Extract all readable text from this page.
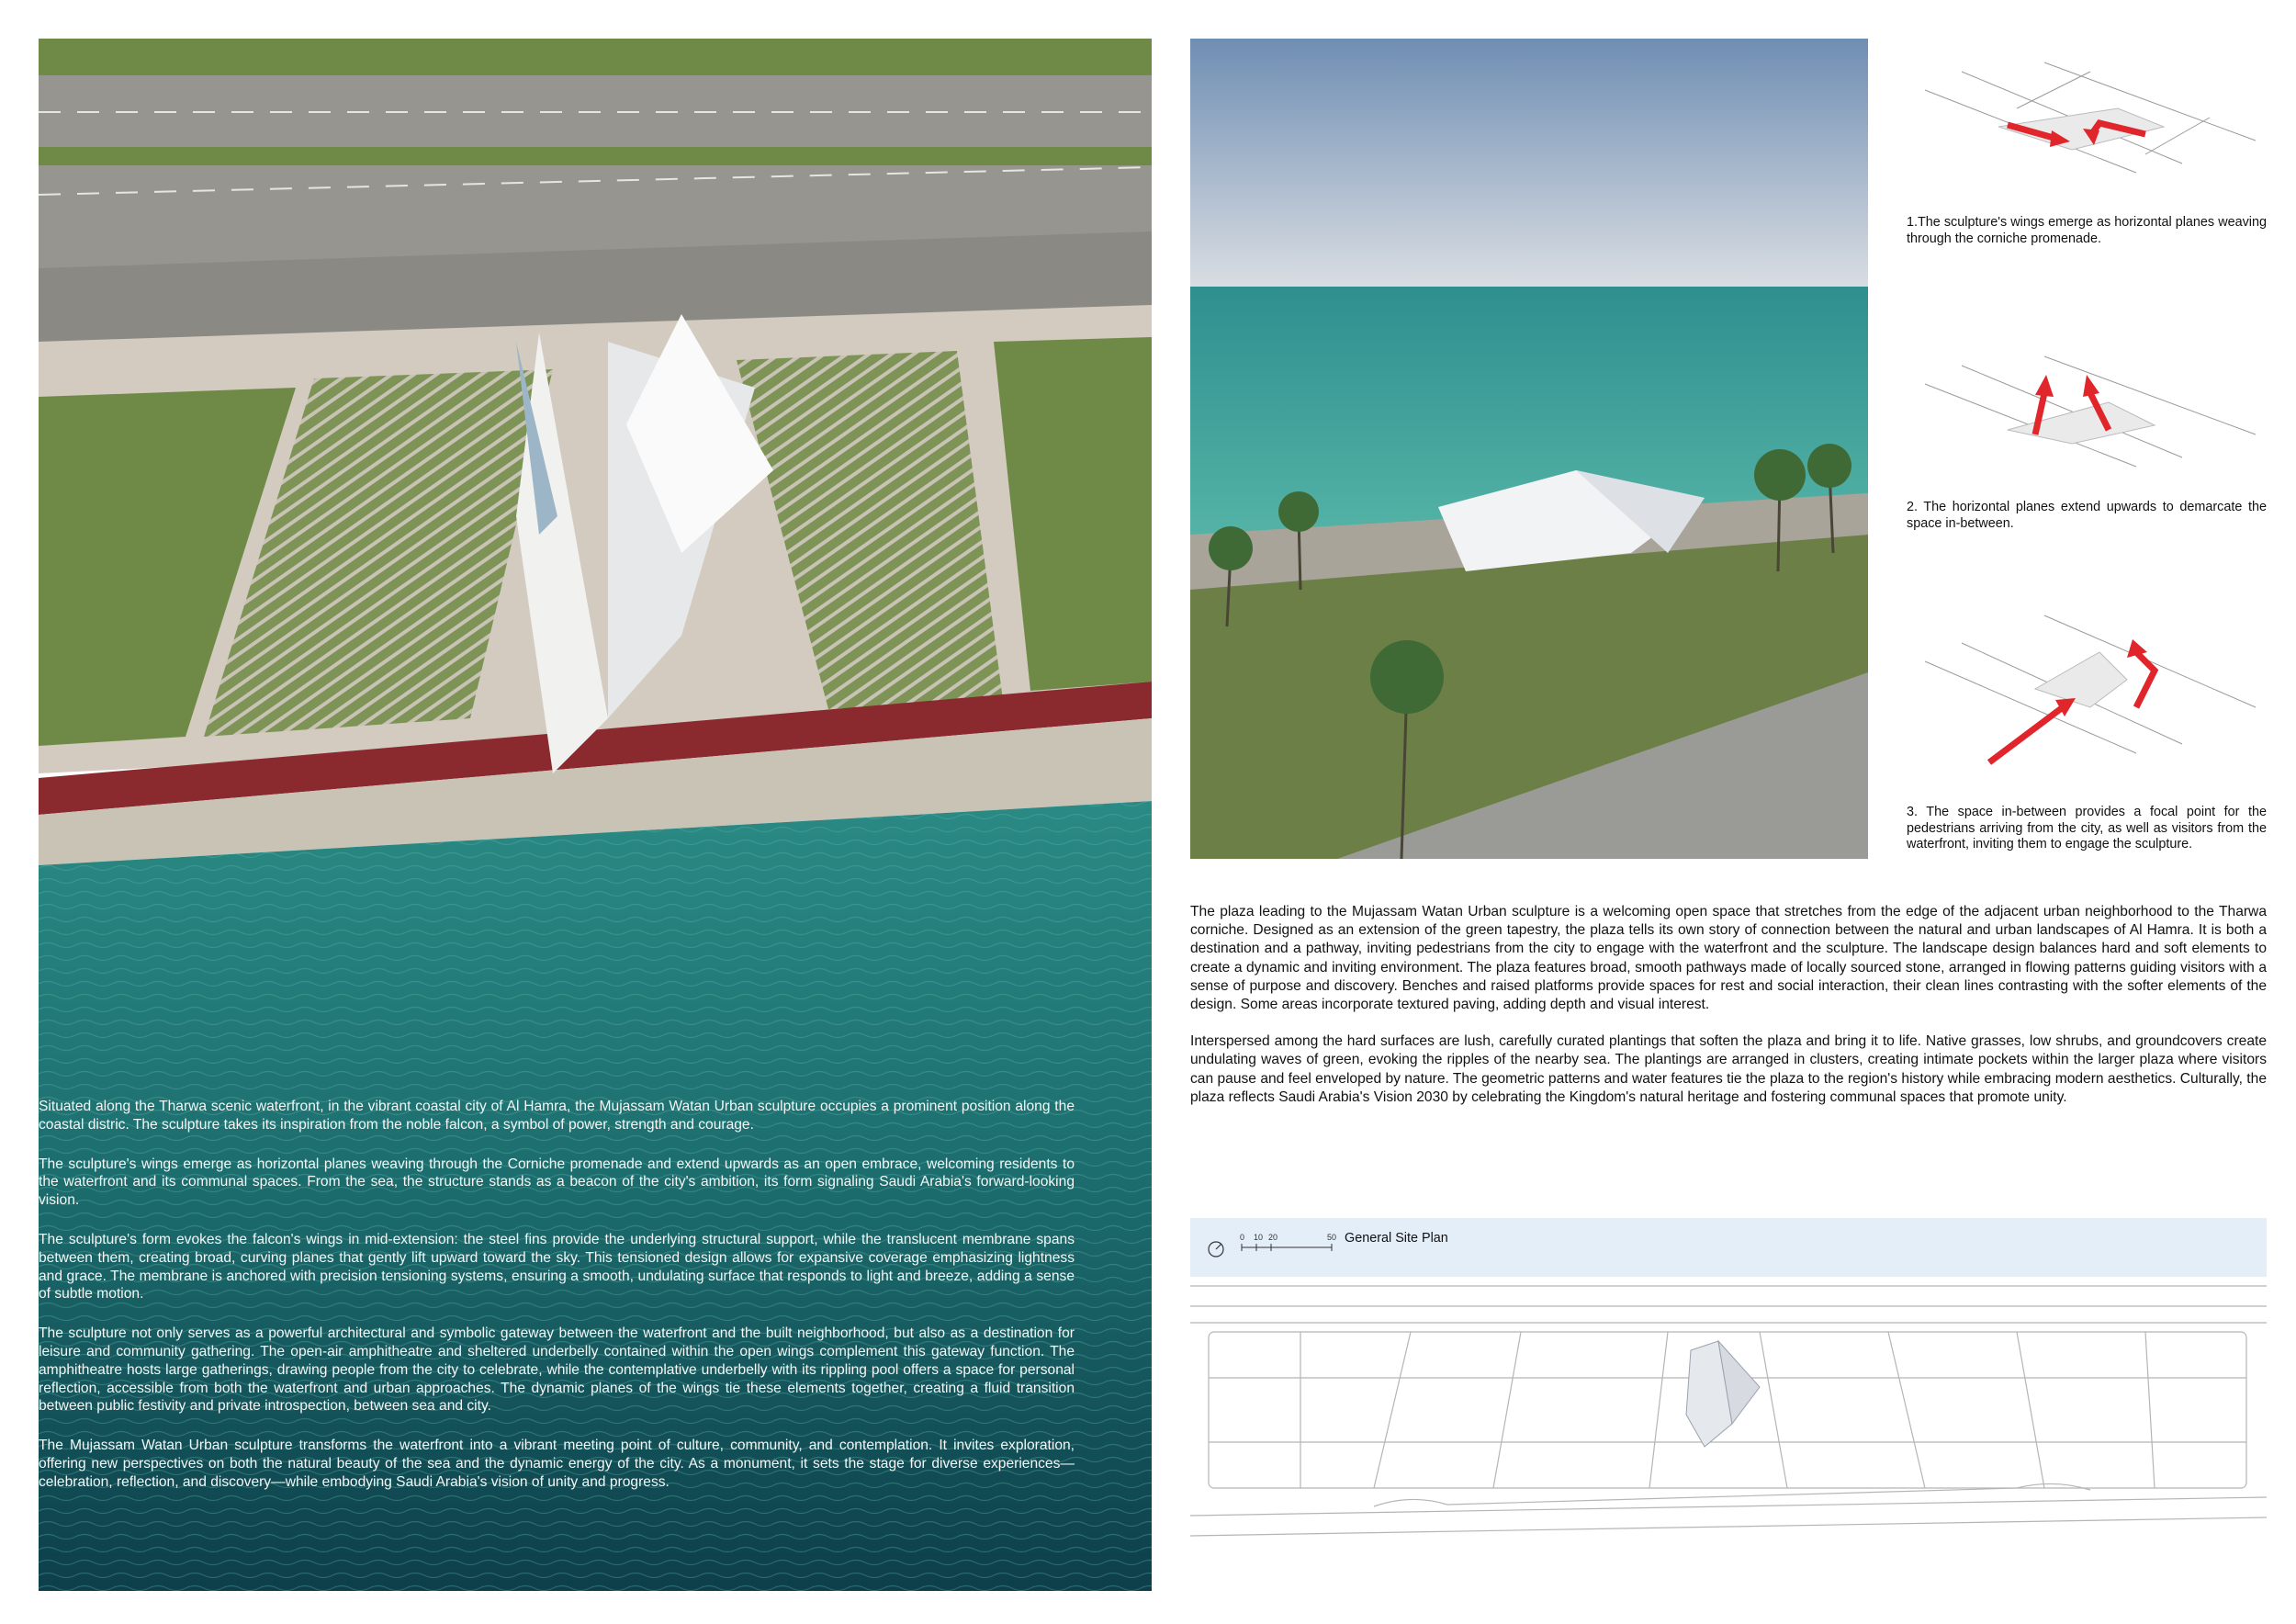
Situated along the Tharwa scenic waterfront, in the vibrant coastal city of Al Hamra, the Mujassam Watan Urban sculpture occupies a prominent position along the coastal distric. The sculpture takes its inspiration from the noble falcon, a symbol of power, strength and courage.

The sculpture's wings emerge as horizontal planes weaving through the Corniche promenade and extend upwards as an open embrace, welcoming residents to the waterfront and its communal spaces. From the sea, the structure stands as a beacon of the city's ambition, its form signaling Saudi Arabia's forward-looking vision.

The sculpture's form evokes the falcon's wings in mid-extension: the steel fins provide the underlying structural support, while the translucent membrane spans between them, creating broad, curving planes that gently lift upward toward the sky. This tensioned design allows for expansive coverage emphasizing lightness and grace. The membrane is anchored with precision tensioning systems, ensuring a smooth, undulating surface that responds to light and breeze, adding a sense of subtle motion.

The sculpture not only serves as a powerful architectural and symbolic gateway between the waterfront and the built neighborhood, but also as a destination for leisure and community gathering. The open-air amphitheatre and sheltered underbelly contained within the open wings complement this gateway function. The amphitheatre hosts large gatherings, drawing people from the city to celebrate, while the contemplative underbelly with its rippling pool offers a space for personal reflection, accessible from both the waterfront and urban approaches. The dynamic planes of the wings tie these elements together, creating a fluid transition between public festivity and private introspection, between sea and city.

The Mujassam Watan Urban sculpture transforms the waterfront into a vibrant meeting point of culture, community, and contemplation. It invites exploration, offering new perspectives on both the natural beauty of the sea and the dynamic energy of the city. As a monument, it sets the stage for diverse experiences—celebration, reflection, and discovery—while embodying Saudi Arabia's vision of unity and progress.

1.The sculpture's wings emerge as horizontal planes weaving through the corniche promenade.
2. The horizontal planes extend upwards to demarcate the space in-between.
3. The space in-between provides a focal point for the pedestrians arriving from the city, as well as visitors from the waterfront, inviting them to engage the sculpture.

The plaza leading to the Mujassam Watan Urban sculpture is a welcoming open space that stretches from the edge of the adjacent urban neighborhood to the Tharwa corniche. Designed as an extension of the green tapestry, the plaza tells its own story of connection between the natural and urban landscapes of Al Hamra. It is both a destination and a pathway, inviting pedestrians from the city to engage with the waterfront and the sculpture. The landscape design balances hard and soft elements to create a dynamic and inviting environment. The plaza features broad, smooth pathways made of locally sourced stone, arranged in flowing patterns guiding visitors with a sense of purpose and discovery. Benches and raised platforms provide spaces for rest and social interaction, their clean lines contrasting with the softer elements of the design. Some areas incorporate textured paving, adding depth and visual interest.

Interspersed among the hard surfaces are lush, carefully curated plantings that soften the plaza and bring it to life. Native grasses, low shrubs, and groundcovers create undulating waves of green, evoking the ripples of the nearby sea. The plantings are arranged in clusters, creating intimate pockets within the larger plaza where visitors can pause and feel enveloped by nature. The geometric patterns and water features tie the plaza to the region's history while embracing modern aesthetics. Culturally, the plaza reflects Saudi Arabia's Vision 2030 by celebrating the Kingdom's natural heritage and fostering communal spaces that promote unity.

0 10 20	50 General Site Plan
